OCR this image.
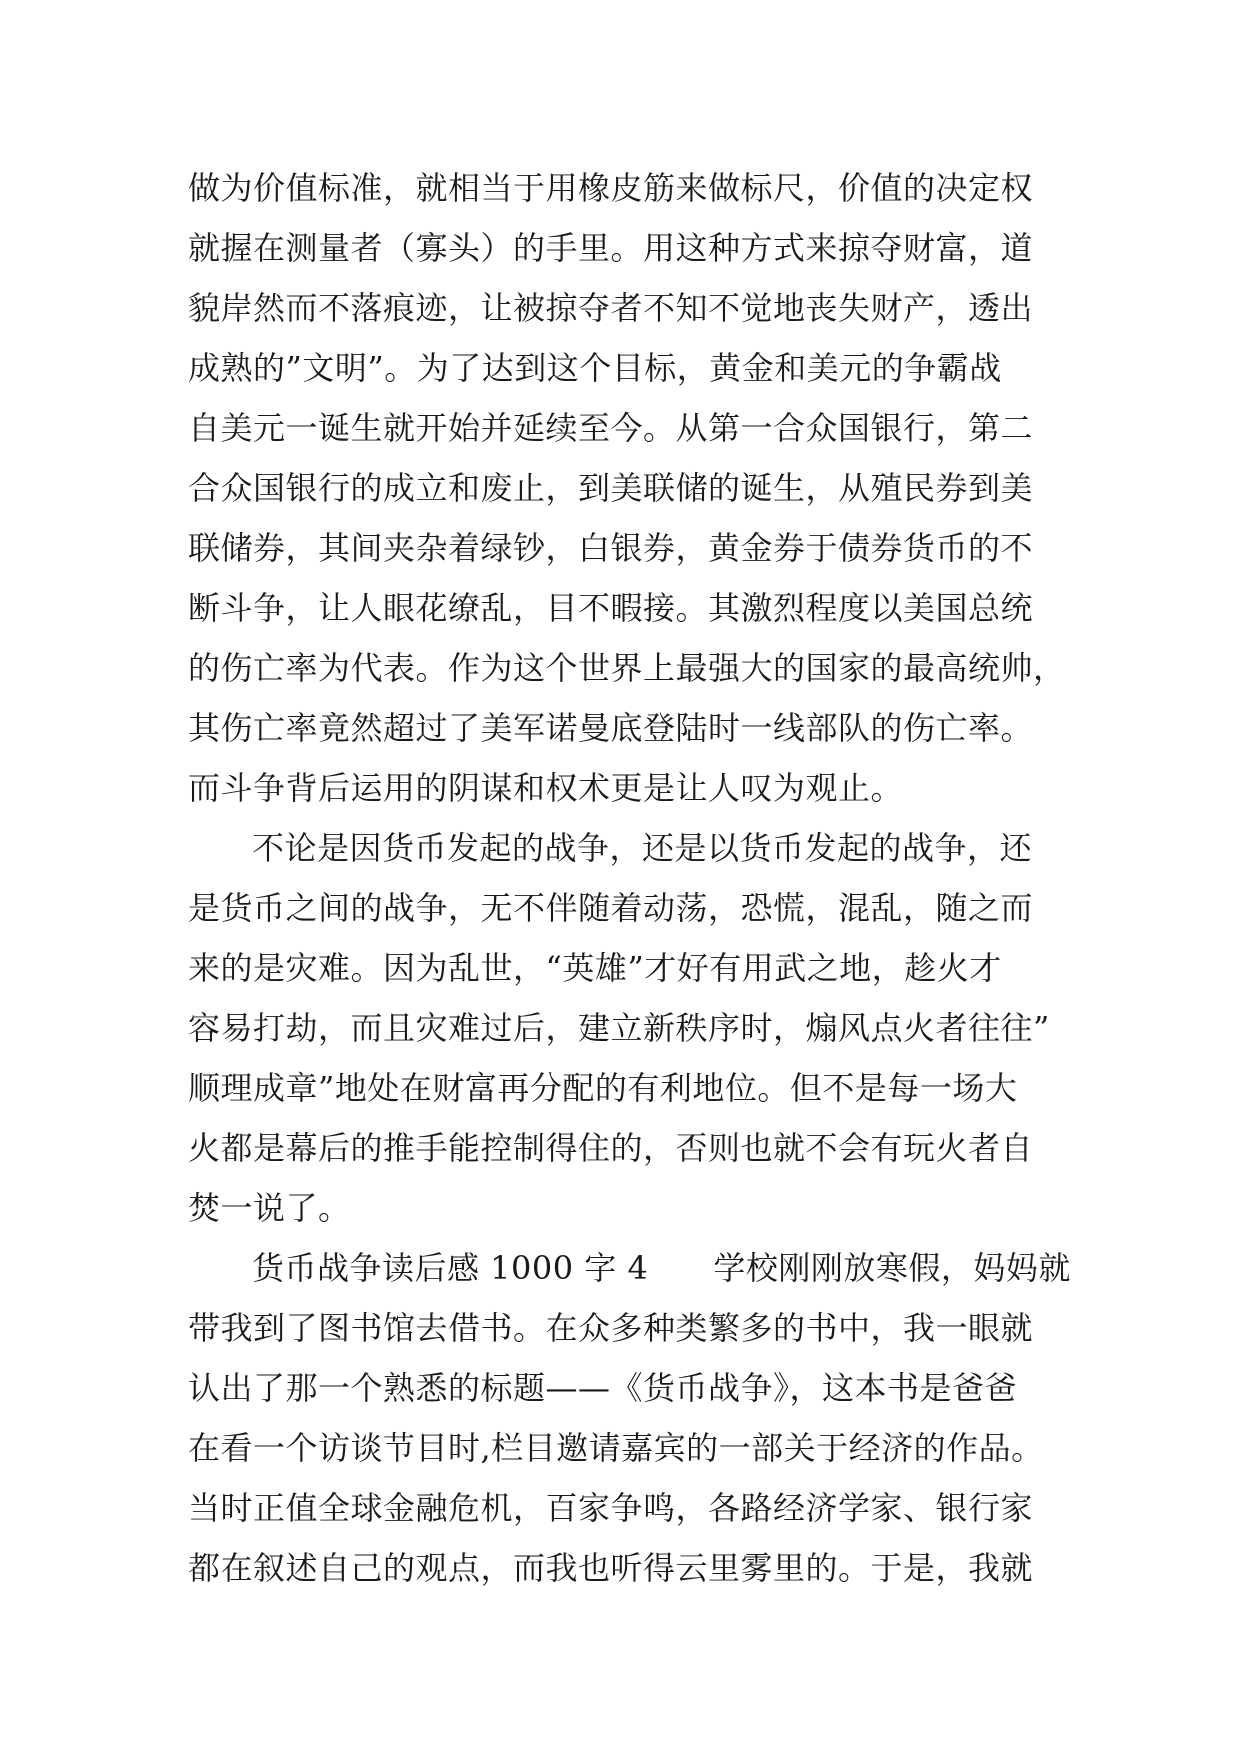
做为价值标准，就相当于用橡皮筋来做标尺，价值的决定权
就握在测量者（寡头）的手里。用这种方式来掠夺财富，道
貌岸然而不落痕迹，让被掠夺者不知不觉地丧失财产，透出
成熟的”文明”。为了达到这个目标，黄金和美元的争霸战
自美元一诞生就开始并延续至今。从第一合众国银行，第二
合众国银行的成立和废止，到美联储的诞生，从殖民券到美
联储券，其间夹杂着绿钞，白银券，黄金券于债券货币的不
断斗争，让人眼花缭乱，目不暇接。其激烈程度以美国总统
的伤亡率为代表。作为这个世界上最强大的国家的最高统帅，
其伤亡率竟然超过了美军诺曼底登陆时一线部队的伤亡率。
而斗争背后运用的阴谋和权术更是让人叹为观止。
不论是因货币发起的战争，还是以货币发起的战争，还
是货币之间的战争，无不伴随着动荡，恐慌，混乱，随之而
来的是灾难。因为乱世，“英雄”才好有用武之地，趁火才
容易打劫，而且灾难过后，建立新秩序时，煽风点火者往往”
顺理成章”地处在财富再分配的有利地位。但不是每一场大
火都是幕后的推手能控制得住的，否则也就不会有玩火者自
焚一说了。
货币战争读后感 1000 字 4　　学校刚刚放寒假，妈妈就
带我到了图书馆去借书。在众多种类繁多的书中，我一眼就
认出了那一个熟悉的标题——《货币战争》，这本书是爸爸
在看一个访谈节目时,栏目邀请嘉宾的一部关于经济的作品。
当时正值全球金融危机，百家争鸣，各路经济学家、银行家
都在叙述自己的观点，而我也听得云里雾里的。于是，我就
